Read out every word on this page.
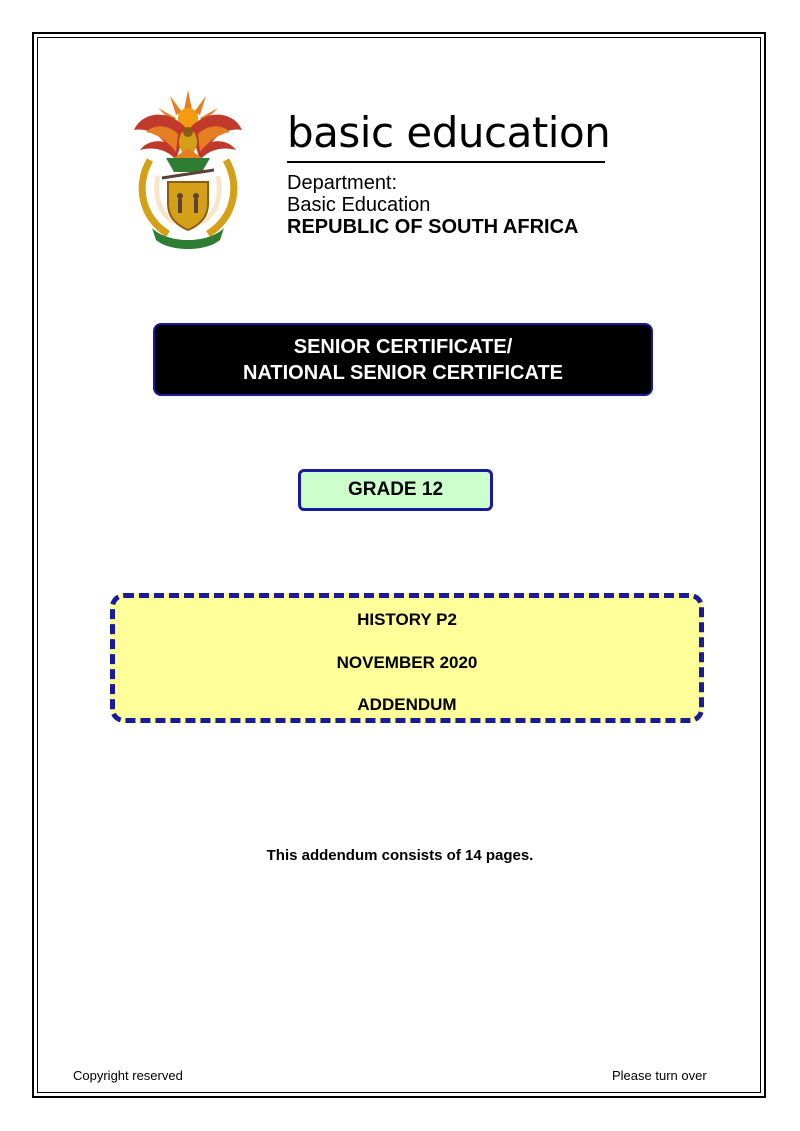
basic education
Department:
Basic Education
REPUBLIC OF SOUTH AFRICA
SENIOR CERTIFICATE/
NATIONAL SENIOR CERTIFICATE
GRADE 12
HISTORY P2
NOVEMBER 2020
ADDENDUM
This addendum consists of 14 pages.
Copyright reserved	Please turn over
